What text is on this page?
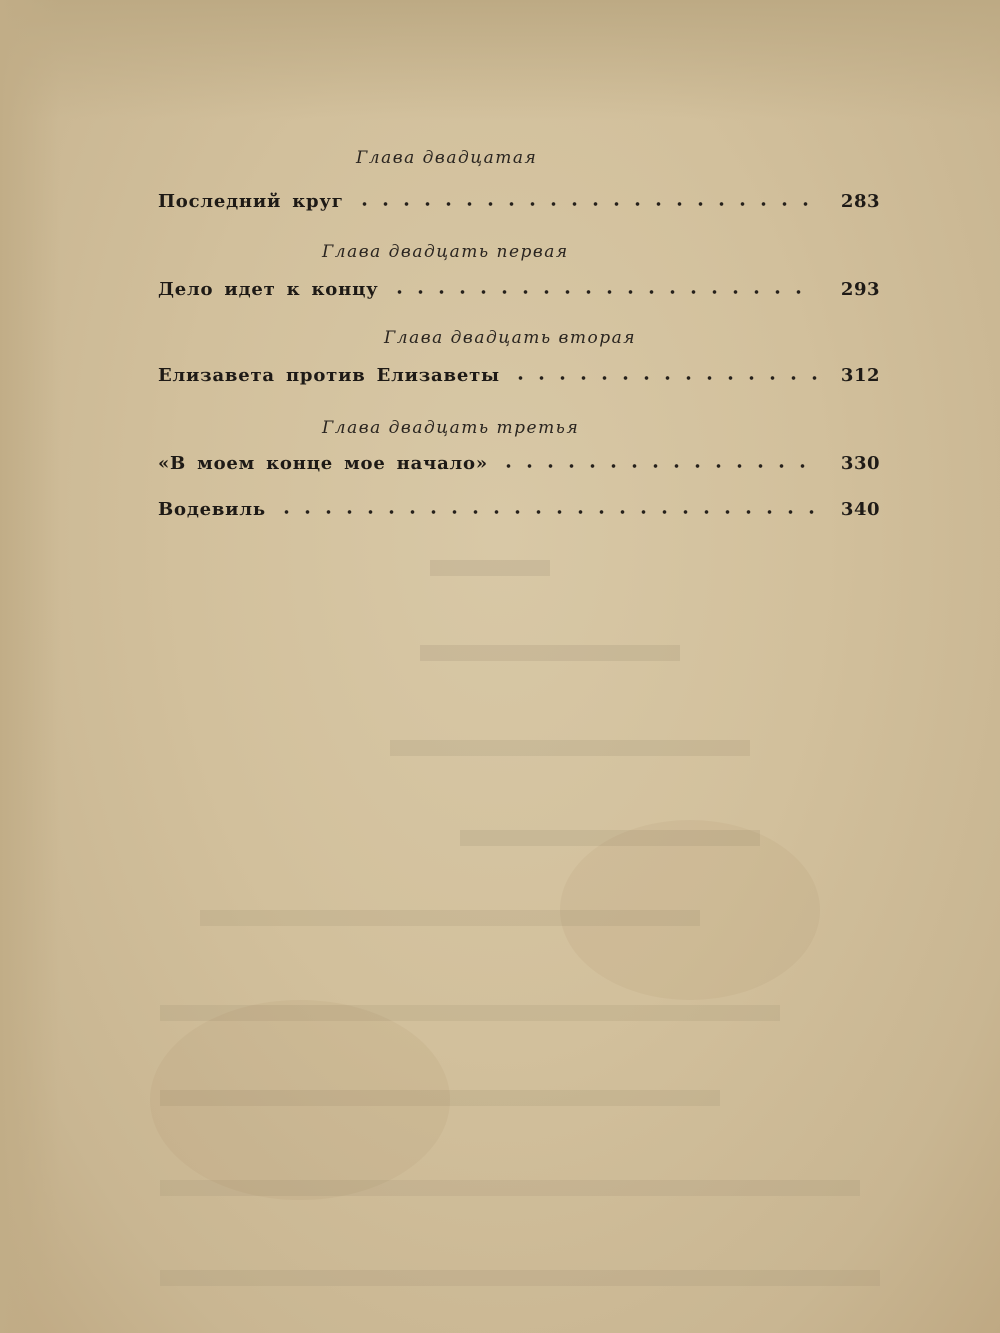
Глава двадцатая
Последний круг	283
Глава двадцать первая
Дело идет к концу	293
Глава двадцать вторая
Елизавета против Елизаветы	312
Глава двадцать третья
«В моем конце мое начало»	330
Водевиль	340
